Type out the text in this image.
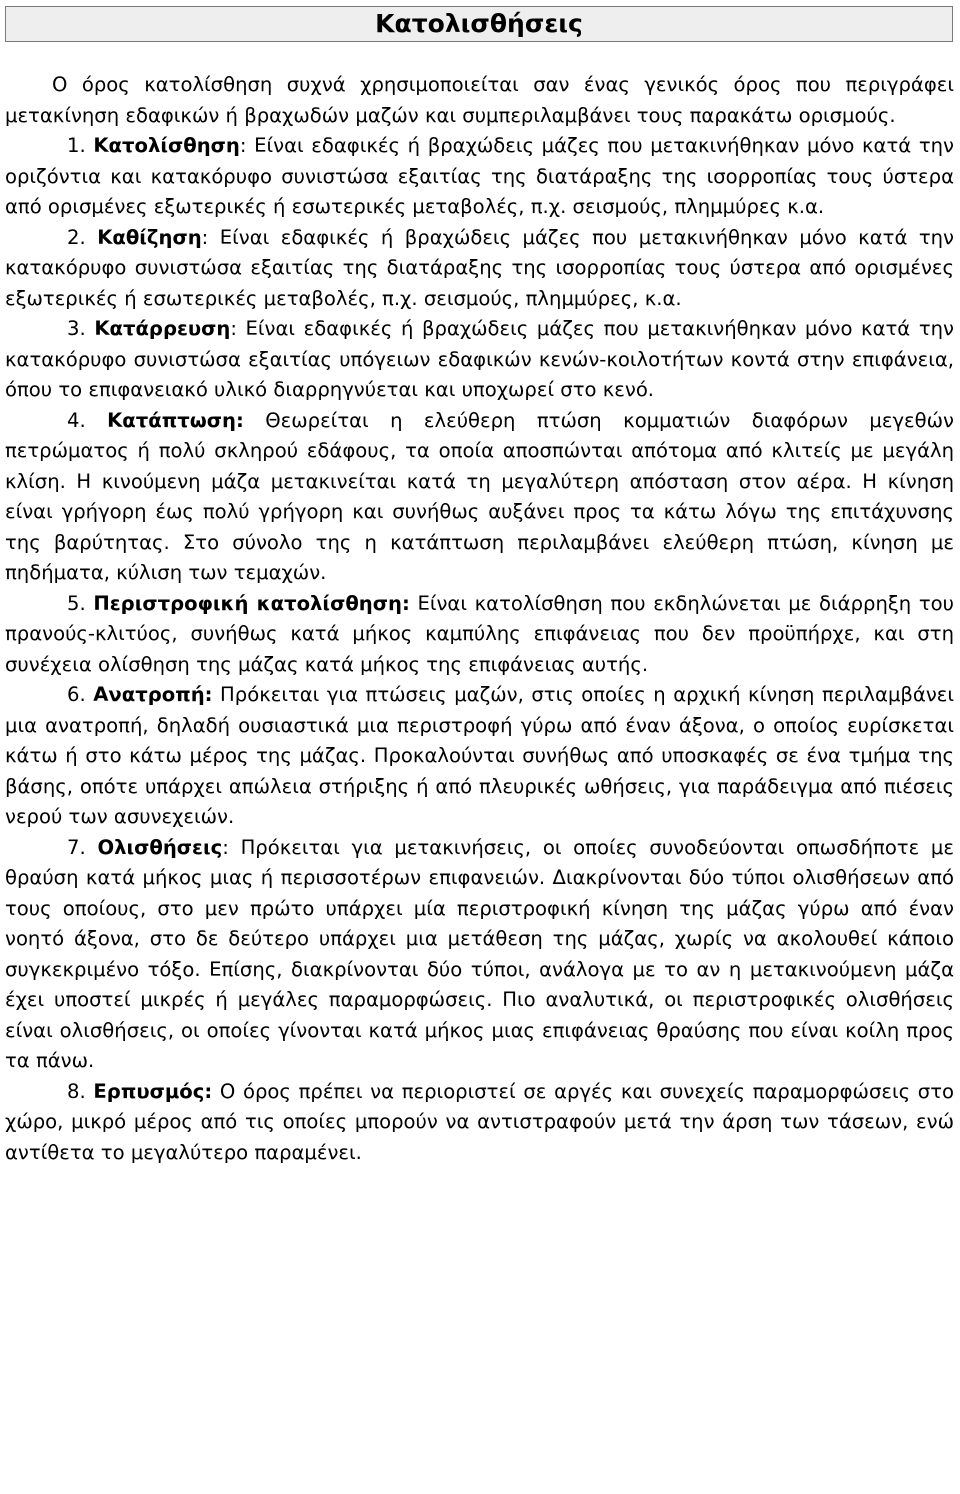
Κατολισθήσεις

Ο όρος κατολίσθηση συχνά χρησιμοποιείται σαν ένας γενικός όρος που περιγράφει μετακίνηση εδαφικών ή βραχωδών μαζών και συμπεριλαμβάνει τους παρακάτω ορισμούς.

1. Κατολίσθηση: Είναι εδαφικές ή βραχώδεις μάζες που μετακινήθηκαν μόνο κατά την οριζόντια και κατακόρυφο συνιστώσα εξαιτίας της διατάραξης της ισορροπίας τους ύστερα από ορισμένες εξωτερικές ή εσωτερικές μεταβολές, π.χ. σεισμούς, πλημμύρες κ.α.

2. Καθίζηση: Είναι εδαφικές ή βραχώδεις μάζες που μετακινήθηκαν μόνο κατά την κατακόρυφο συνιστώσα εξαιτίας της διατάραξης της ισορροπίας τους ύστερα από ορισμένες εξωτερικές ή εσωτερικές μεταβολές, π.χ. σεισμούς, πλημμύρες, κ.α.

3. Κατάρρευση: Είναι εδαφικές ή βραχώδεις μάζες που μετακινήθηκαν μόνο κατά την κατακόρυφο συνιστώσα εξαιτίας υπόγειων εδαφικών κενών-κοιλοτήτων κοντά στην επιφάνεια, όπου το επιφανειακό υλικό διαρρηγνύεται και υποχωρεί στο κενό.

4. Κατάπτωση: Θεωρείται η ελεύθερη πτώση κομματιών διαφόρων μεγεθών πετρώματος ή πολύ σκληρού εδάφους, τα οποία αποσπώνται απότομα από κλιτείς με μεγάλη κλίση. Η κινούμενη μάζα μετακινείται κατά τη μεγαλύτερη απόσταση στον αέρα. Η κίνηση είναι γρήγορη έως πολύ γρήγορη και συνήθως αυξάνει προς τα κάτω λόγω της επιτάχυνσης της βαρύτητας. Στο σύνολο της η κατάπτωση περιλαμβάνει ελεύθερη πτώση, κίνηση με πηδήματα, κύλιση των τεμαχών.

5. Περιστροφική κατολίσθηση: Είναι κατολίσθηση που εκδηλώνεται με διάρρηξη του πρανούς-κλιτύος, συνήθως κατά μήκος καμπύλης επιφάνειας που δεν προϋπήρχε, και στη συνέχεια ολίσθηση της μάζας κατά μήκος της επιφάνειας αυτής.

6. Ανατροπή: Πρόκειται για πτώσεις μαζών, στις οποίες η αρχική κίνηση περιλαμβάνει μια ανατροπή, δηλαδή ουσιαστικά μια περιστροφή γύρω από έναν άξονα, ο οποίος ευρίσκεται κάτω ή στο κάτω μέρος της μάζας. Προκαλούνται συνήθως από υποσκαφές σε ένα τμήμα της βάσης, οπότε υπάρχει απώλεια στήριξης ή από πλευρικές ωθήσεις, για παράδειγμα από πιέσεις νερού των ασυνεχειών.

7. Ολισθήσεις: Πρόκειται για μετακινήσεις, οι οποίες συνοδεύονται οπωσδήποτε με θραύση κατά μήκος μιας ή περισσοτέρων επιφανειών. Διακρίνονται δύο τύποι ολισθήσεων από τους οποίους, στο μεν πρώτο υπάρχει μία περιστροφική κίνηση της μάζας γύρω από έναν νοητό άξονα, στο δε δεύτερο υπάρχει μια μετάθεση της μάζας, χωρίς να ακολουθεί κάποιο συγκεκριμένο τόξο. Επίσης, διακρίνονται δύο τύποι, ανάλογα με το αν η μετακινούμενη μάζα έχει υποστεί μικρές ή μεγάλες παραμορφώσεις. Πιο αναλυτικά, οι περιστροφικές ολισθήσεις είναι ολισθήσεις, οι οποίες γίνονται κατά μήκος μιας επιφάνειας θραύσης που είναι κοίλη προς τα πάνω.

8. Ερπυσμός: Ο όρος πρέπει να περιοριστεί σε αργές και συνεχείς παραμορφώσεις στο χώρο, μικρό μέρος από τις οποίες μπορούν να αντιστραφούν μετά την άρση των τάσεων, ενώ αντίθετα το μεγαλύτερο παραμένει.
